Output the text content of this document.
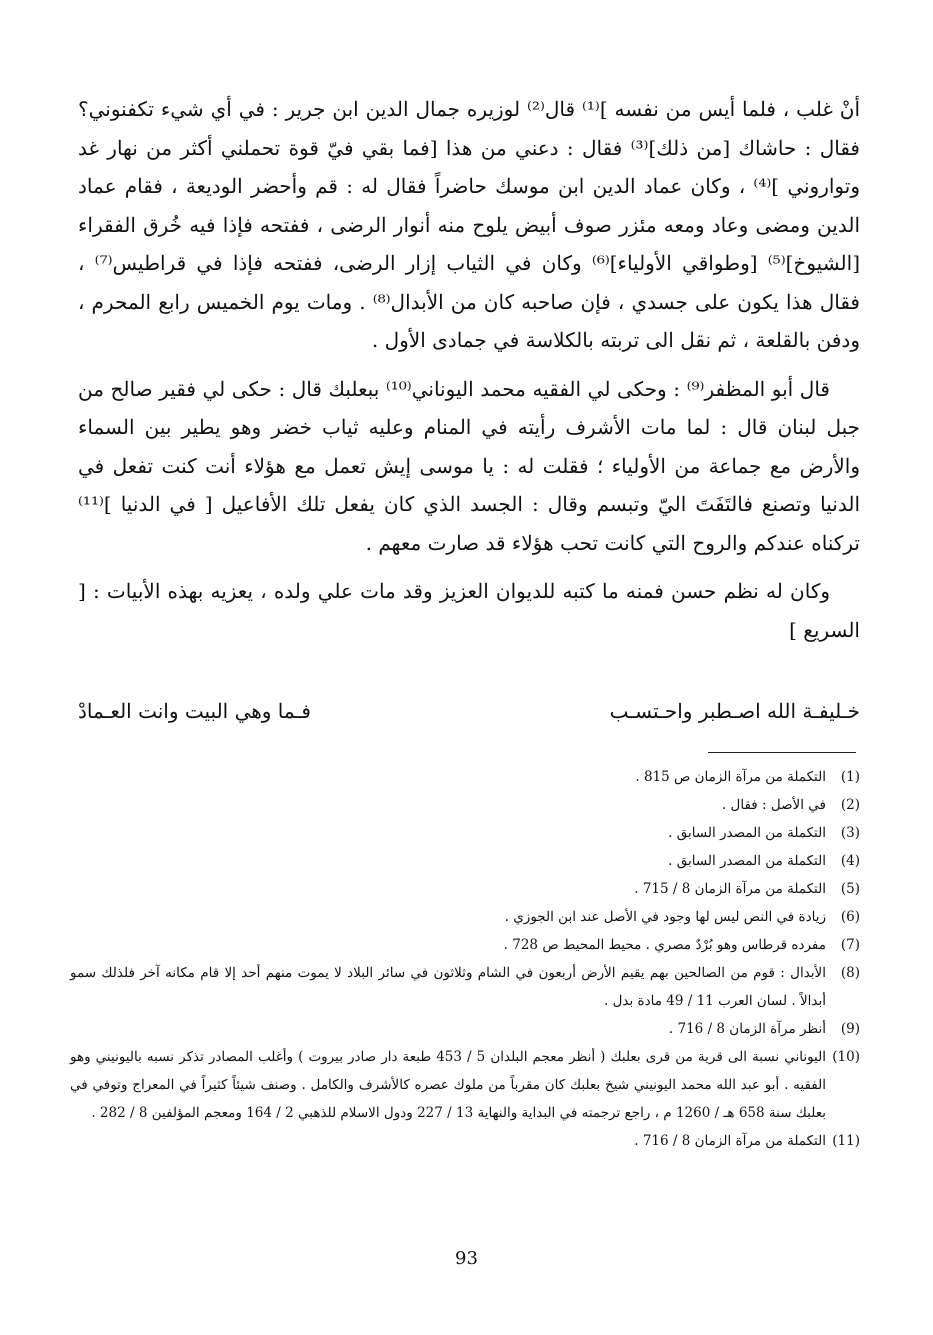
أنْ غلب ، فلما أيس من نفسه ]⁽¹⁾ قال⁽²⁾ لوزيره جمال الدين ابن جرير : في أي شيء تكفنوني؟ فقال : حاشاك [من ذلك]⁽³⁾ فقال : دعني من هذا [فما بقي فيّ قوة تحملني أكثر من نهار غد وتواروني ]⁽⁴⁾ ، وكان عماد الدين ابن موسك حاضراً فقال له : قم وأحضر الوديعة ، فقام عماد الدين ومضى وعاد ومعه مئزر صوف أبيض يلوح منه أنوار الرضى ، ففتحه فإذا فيه خُرق الفقراء [الشيوخ]⁽⁵⁾ [وطواقي الأولياء]⁽⁶⁾ وكان في الثياب إزار الرضى، ففتحه فإذا في قراطيس⁽⁷⁾ ، فقال هذا يكون على جسدي ، فإن صاحبه كان من الأبدال⁽⁸⁾ . ومات يوم الخميس رابع المحرم ، ودفن بالقلعة ، ثم نقل الى تربته بالكلاسة في جمادى الأول .

قال أبو المظفر⁽⁹⁾ : وحكى لي الفقيه محمد اليوناني⁽¹⁰⁾ ببعلبك قال : حكى لي فقير صالح من جبل لبنان قال : لما مات الأشرف رأيته في المنام وعليه ثياب خضر وهو يطير بين السماء والأرض مع جماعة من الأولياء ؛ فقلت له : يا موسى إيش تعمل مع هؤلاء أنت كنت تفعل في الدنيا وتصنع فالتَفَتَ اليّ وتبسم وقال : الجسد الذي كان يفعل تلك الأفاعيل [ في الدنيا ]⁽¹¹⁾ تركناه عندكم والروح التي كانت تحب هؤلاء قد صارت معهم .

وكان له نظم حسن فمنه ما كتبه للديوان العزيز وقد مات علي ولده ، يعزيه بهذه الأبيات : [ السريع ]

خـليفـة الله اصـطبر واحـتسـب
فـما وهي البيت وانت العـمادْ
(1)
التكملة من مرآة الزمان ص 815 .
(2)
في الأصل : فقال .
(3)
التكملة من المصدر السابق .
(4)
التكملة من المصدر السابق .
(5)
التكملة من مرآة الزمان 8 / 715 .
(6)
زيادة في النص ليس لها وجود في الأصل عند ابن الجوزي .
(7)
مفرده قرطاس وهو بُرْدٌ مصري . محيط المحيط ص 728 .
(8)
الأبدال : قوم من الصالحين بهم يقيم الأرض أربعون في الشام وثلاثون في سائر البلاد لا يموت منهم أحد إلا قام مكانه آخر فلذلك سمو أبدالاً . لسان العرب 11 / 49 مادة بدل .
(9)
أنظر مرآة الزمان 8 / 716 .
(10)
اليوناني نسبة الى قرية من قرى بعلبك ( أنظر معجم البلدان 5 / 453 طبعة دار صادر بيروت ) وأغلب المصادر تذكر نسبه باليونيني وهو الفقيه . أبو عبد الله محمد اليونيني شيخ بعلبك كان مقرباً من ملوك عصره كالأشرف والكامل . وصنف شيئاً كثيراً في المعراج وتوفي في بعلبك سنة 658 هـ / 1260 م ، راجع ترجمته في البداية والنهاية 13 / 227 ودول الاسلام للذهبي 2 / 164 ومعجم المؤلفين 8 / 282 .
(11)
التكملة من مرآة الزمان 8 / 716 .
93
